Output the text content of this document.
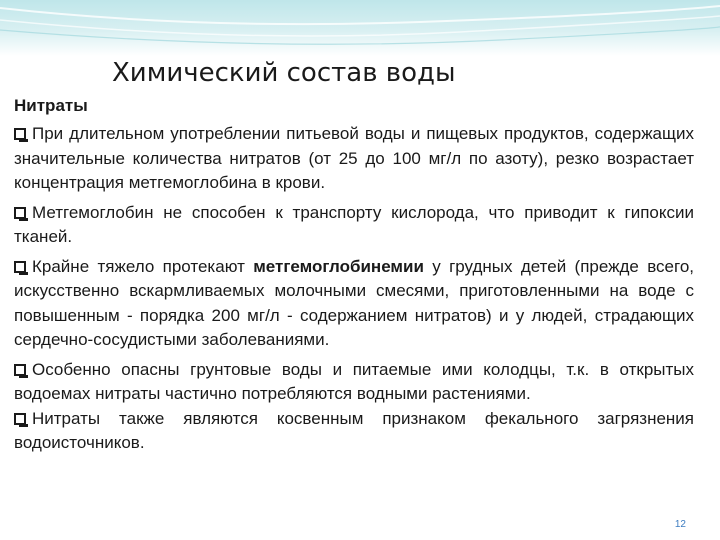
Химический состав воды
Нитраты

При длительном употреблении питьевой воды и пищевых продуктов, содержащих значительные количества нитратов (от 25 до 100 мг/л по азоту), резко возрастает концентрация метгемоглобина в крови.

Метгемоглобин не способен к транспорту кислорода, что приводит к гипоксии тканей.

Крайне тяжело протекают метгемоглобинемии у грудных детей (прежде всего, искусственно вскармливаемых молочными смесями, приготовленными на воде с повышенным - порядка 200 мг/л - содержанием нитратов) и у людей, страдающих сердечно-сосудистыми заболеваниями.

Особенно опасны грунтовые воды и питаемые ими колодцы, т.к. в открытых водоемах нитраты частично потребляются водными растениями.

Нитраты также являются косвенным признаком фекального загрязнения водоисточников.

12
